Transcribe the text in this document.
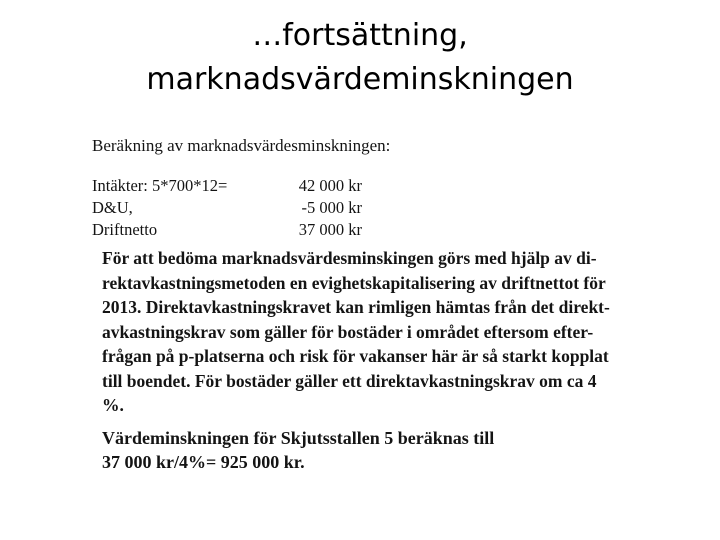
…fortsättning,
marknadsvärdeminskningen
Beräkning av marknadsvärdesminskningen:
Intäkter: 5*700*12=	42 000 kr
D&U,	-5 000 kr
Driftnetto	37 000 kr
För att bedöma marknadsvärdesminskingen görs med hjälp av di-
rektavkastningsmetoden en evighetskapitalisering av driftnettot för
2013. Direktavkastningskravet kan rimligen hämtas från det direkt-
avkastningskrav som gäller för bostäder i området eftersom efter-
frågan på p-platserna och risk för vakanser här är så starkt kopplat
till boendet. För bostäder gäller ett direktavkastningskrav om ca 4
%.
Värdeminskningen för Skjutsstallen 5 beräknas till
37 000 kr/4%= 925 000 kr.
